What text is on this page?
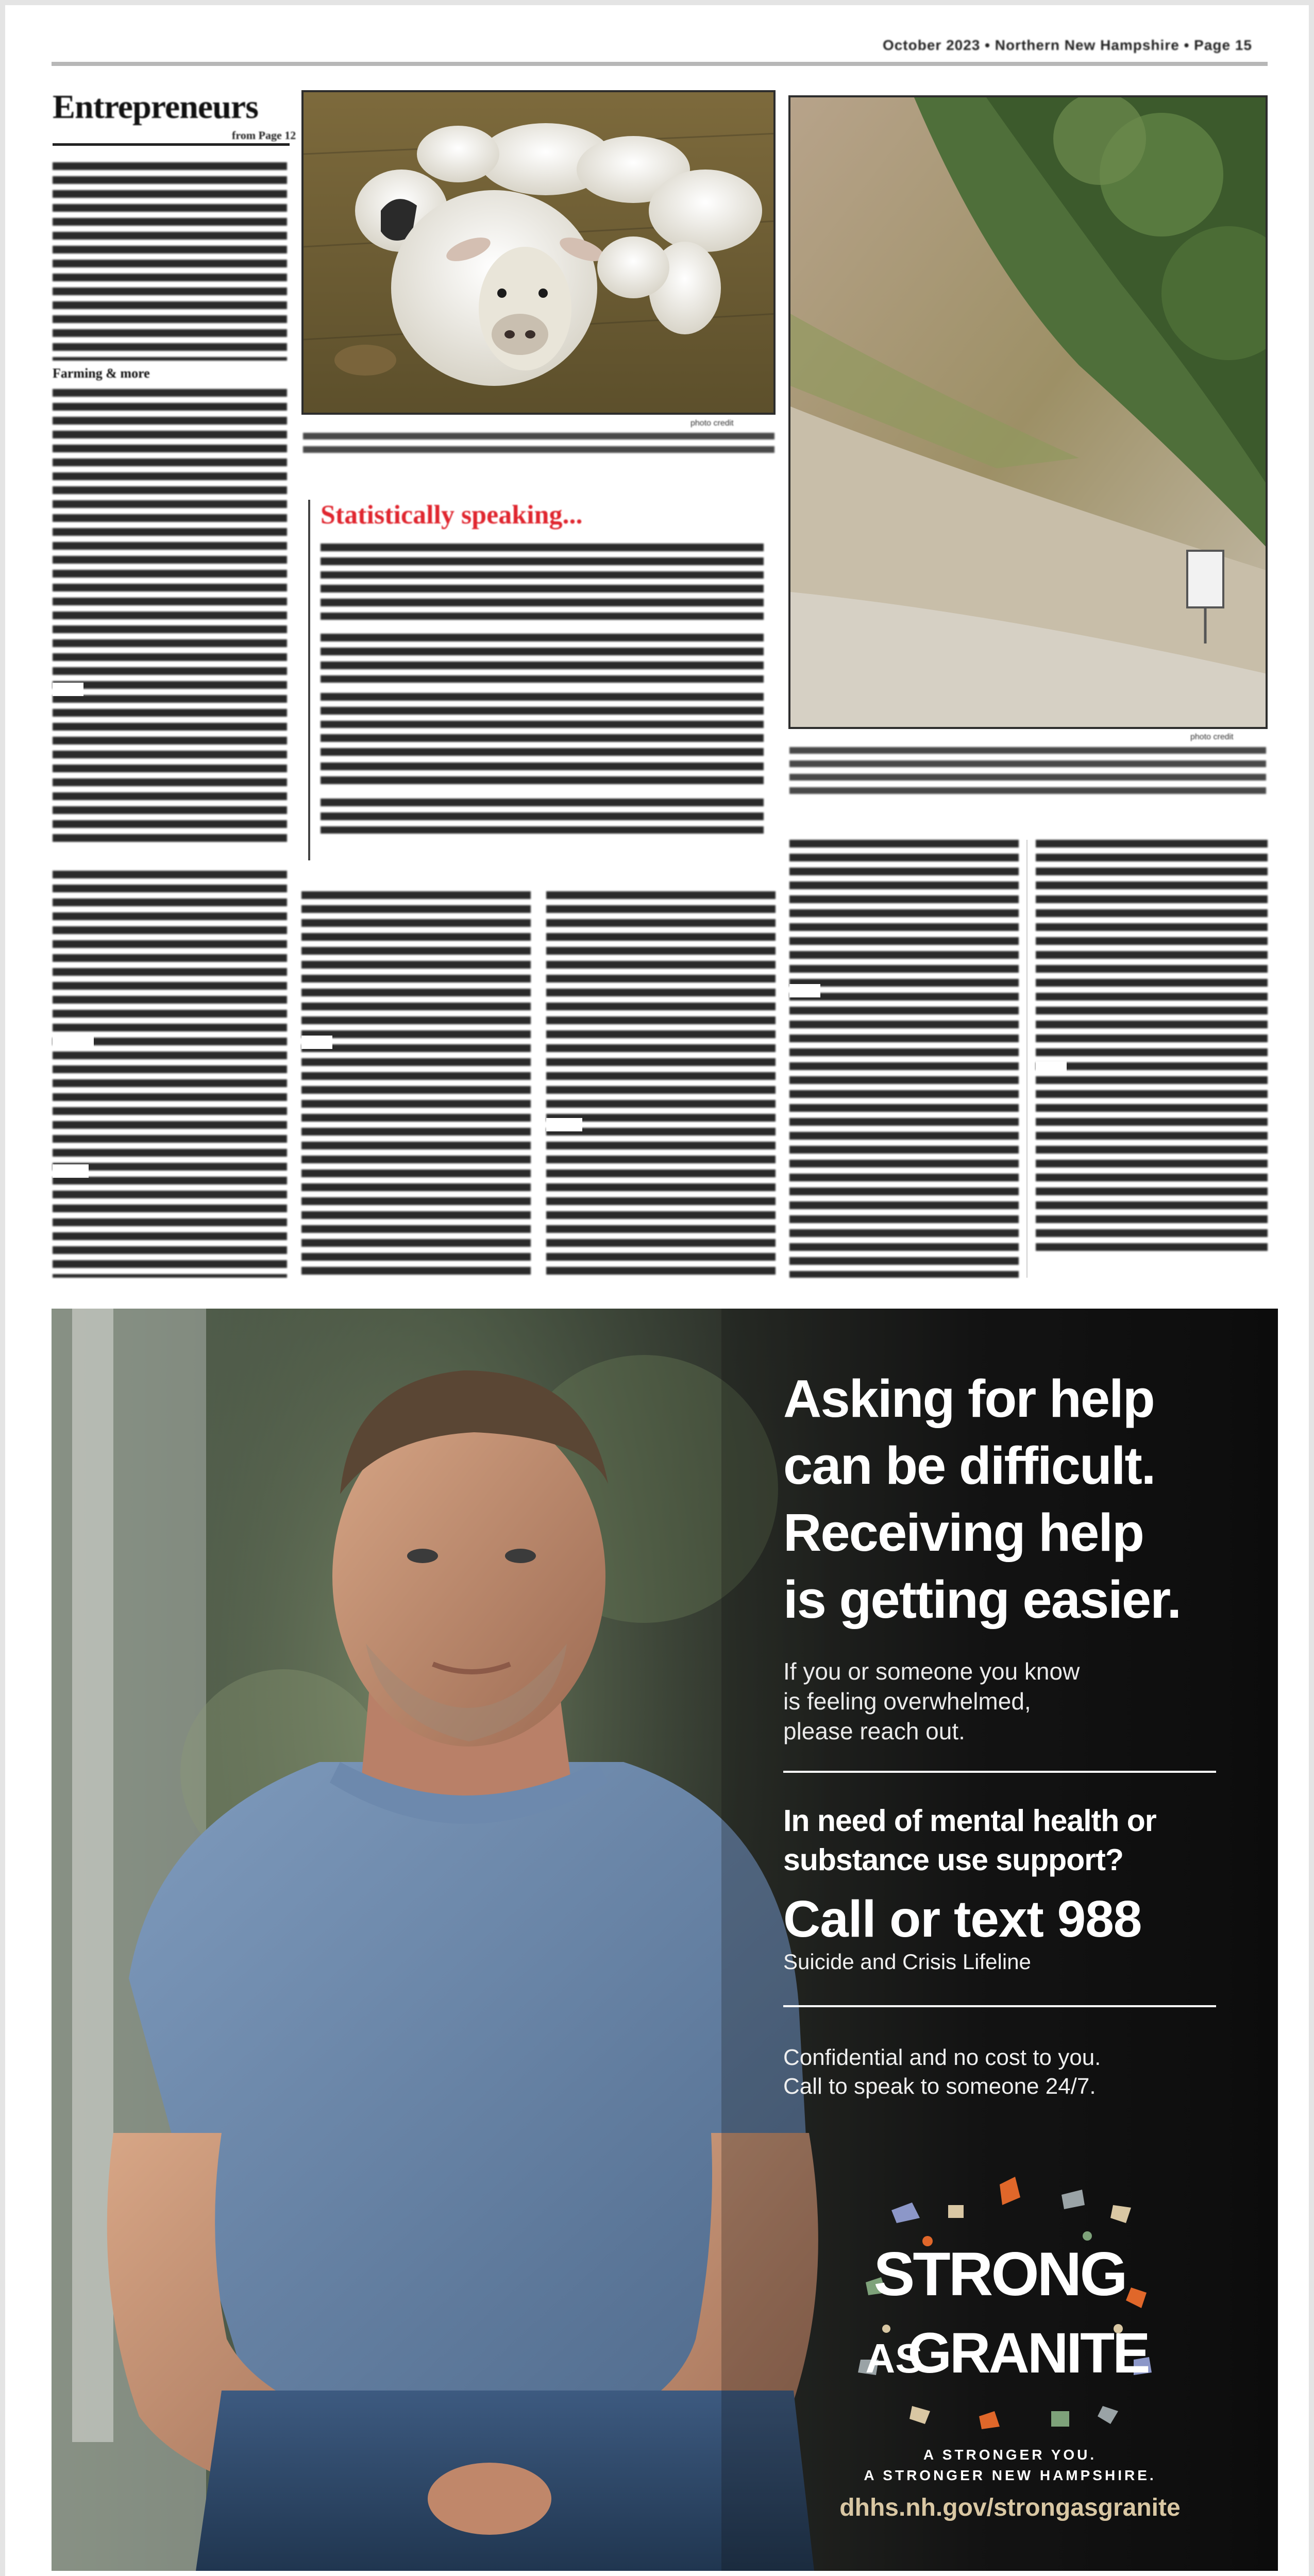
October 2023 • Northern New Hampshire • Page 15
Entrepreneurs
from Page 12
Farming & more
photo credit
Statistically speaking...
photo credit
Asking for help
can be difficult.
Receiving help
is getting easier.
If you or someone you know
is feeling overwhelmed,
please reach out.
In need of mental health or
substance use support?
Call or text 988
Suicide and Crisis Lifeline
Confidential and no cost to you.
Call to speak to someone 24/7.
STRONG
AS
GRANITE
A STRONGER YOU.
A STRONGER NEW HAMPSHIRE.
dhhs.nh.gov/strongasgranite
